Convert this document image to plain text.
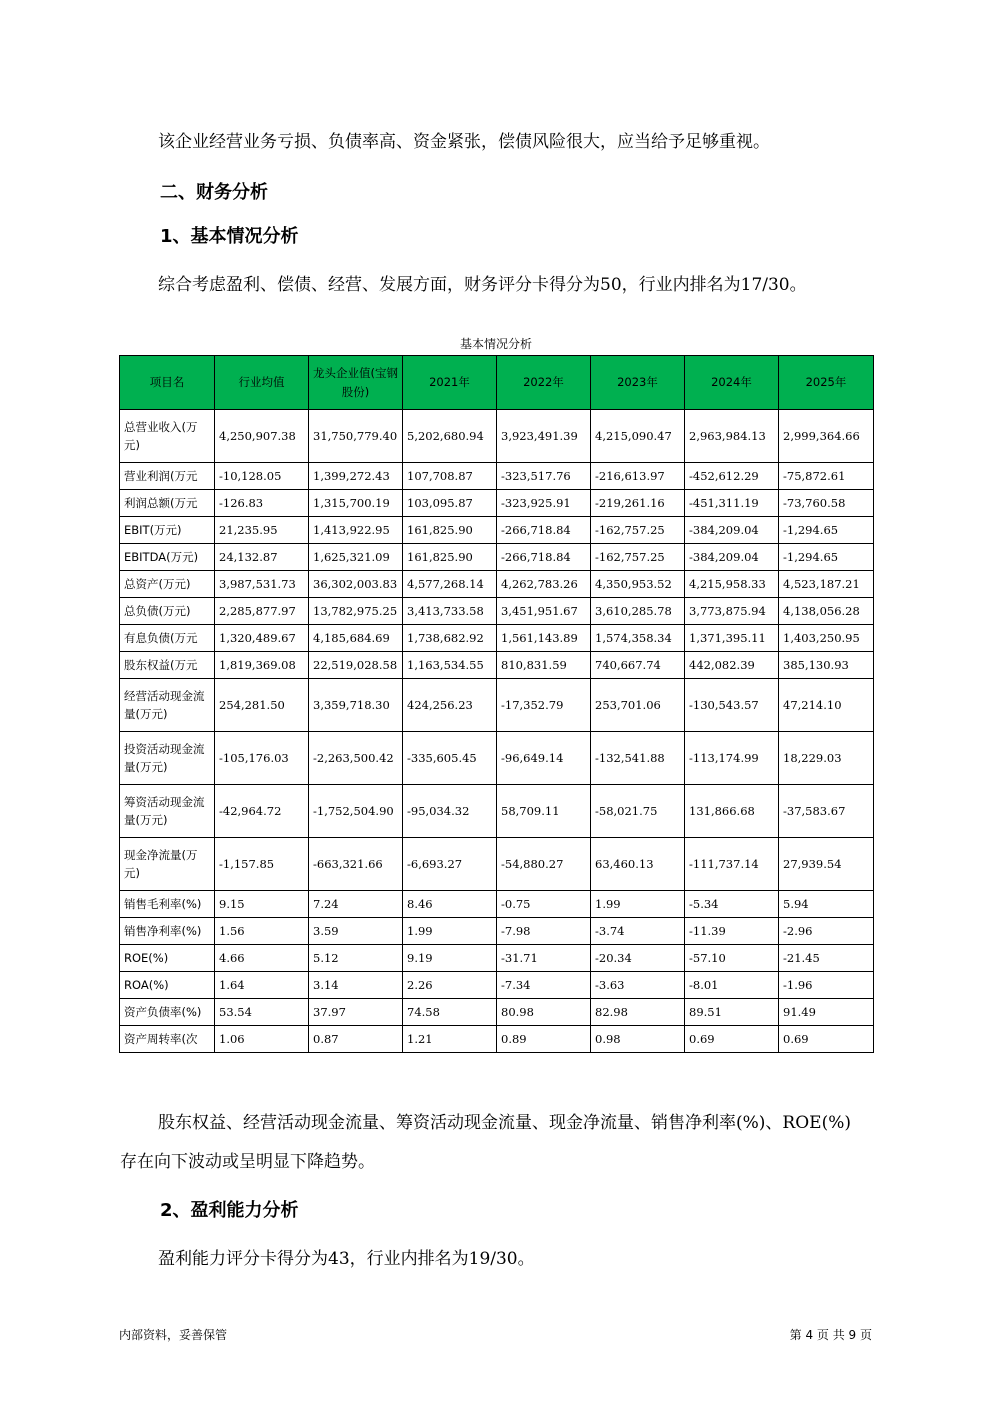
该企业经营业务亏损、负债率高、资金紧张，偿债风险很大，应当给予足够重视。
二、财务分析
1、基本情况分析
综合考虑盈利、偿债、经营、发展方面，财务评分卡得分为50，行业内排名为17/30。
基本情况分析
项目名	行业均值	龙头企业值(宝钢股份)	2021年	2022年	2023年	2024年	2025年
总营业收入(万元)	4,250,907.38	31,750,779.40	5,202,680.94	3,923,491.39	4,215,090.47	2,963,984.13	2,999,364.66
营业利润(万元	-10,128.05	1,399,272.43	107,708.87	-323,517.76	-216,613.97	-452,612.29	-75,872.61
利润总额(万元	-126.83	1,315,700.19	103,095.87	-323,925.91	-219,261.16	-451,311.19	-73,760.58
EBIT(万元)	21,235.95	1,413,922.95	161,825.90	-266,718.84	-162,757.25	-384,209.04	-1,294.65
EBITDA(万元)	24,132.87	1,625,321.09	161,825.90	-266,718.84	-162,757.25	-384,209.04	-1,294.65
总资产(万元)	3,987,531.73	36,302,003.83	4,577,268.14	4,262,783.26	4,350,953.52	4,215,958.33	4,523,187.21
总负债(万元)	2,285,877.97	13,782,975.25	3,413,733.58	3,451,951.67	3,610,285.78	3,773,875.94	4,138,056.28
有息负债(万元	1,320,489.67	4,185,684.69	1,738,682.92	1,561,143.89	1,574,358.34	1,371,395.11	1,403,250.95
股东权益(万元	1,819,369.08	22,519,028.58	1,163,534.55	810,831.59	740,667.74	442,082.39	385,130.93
经营活动现金流量(万元)	254,281.50	3,359,718.30	424,256.23	-17,352.79	253,701.06	-130,543.57	47,214.10
投资活动现金流量(万元)	-105,176.03	-2,263,500.42	-335,605.45	-96,649.14	-132,541.88	-113,174.99	18,229.03
筹资活动现金流量(万元)	-42,964.72	-1,752,504.90	-95,034.32	58,709.11	-58,021.75	131,866.68	-37,583.67
现金净流量(万元)	-1,157.85	-663,321.66	-6,693.27	-54,880.27	63,460.13	-111,737.14	27,939.54
销售毛利率(%)	9.15	7.24	8.46	-0.75	1.99	-5.34	5.94
销售净利率(%)	1.56	3.59	1.99	-7.98	-3.74	-11.39	-2.96
ROE(%)	4.66	5.12	9.19	-31.71	-20.34	-57.10	-21.45
ROA(%)	1.64	3.14	2.26	-7.34	-3.63	-8.01	-1.96
资产负债率(%)	53.54	37.97	74.58	80.98	82.98	89.51	91.49
资产周转率(次	1.06	0.87	1.21	0.89	0.98	0.69	0.69
股东权益、经营活动现金流量、筹资活动现金流量、现金净流量、销售净利率(%)、ROE(%)
存在向下波动或呈明显下降趋势。
2、盈利能力分析
盈利能力评分卡得分为43，行业内排名为19/30。
内部资料，妥善保管	第 4 页 共 9 页
